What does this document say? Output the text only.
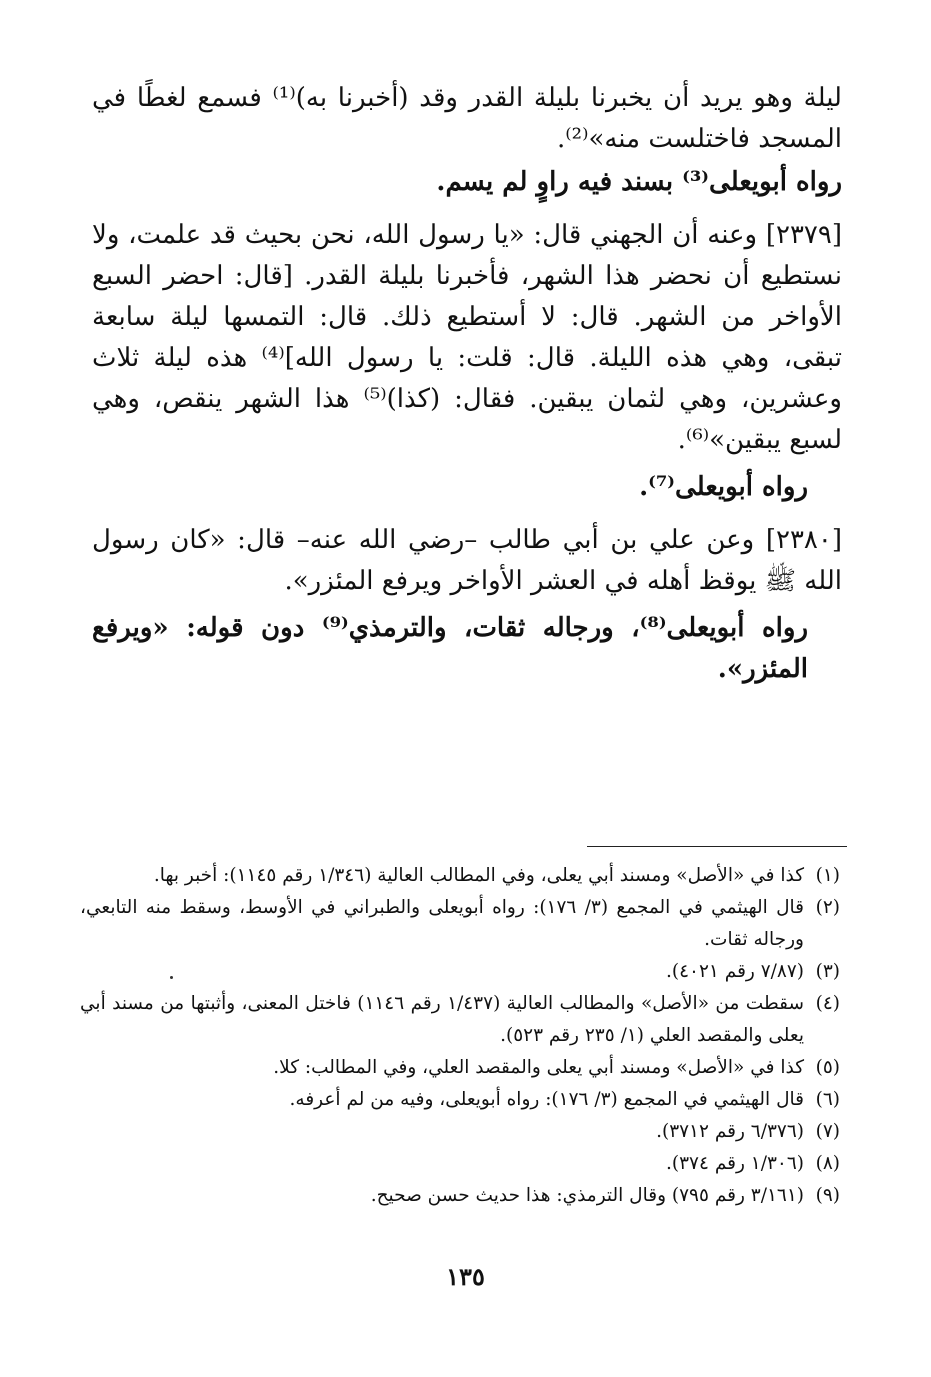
ليلة وهو يريد أن يخبرنا بليلة القدر وقد (أخبرنا به)⁽¹⁾ فسمع لغطًا في المسجد فاختلست منه»⁽²⁾.

رواه أبويعلى⁽³⁾ بسند فيه راوٍ لم يسم.

[٢٣٧٩] وعنه أن الجهني قال: «يا رسول الله، نحن بحيث قد علمت، ولا نستطيع أن نحضر هذا الشهر، فأخبرنا بليلة القدر. [قال: احضر السبع الأواخر من الشهر. قال: لا أستطيع ذلك. قال: التمسها ليلة سابعة تبقى، وهي هذه الليلة. قال: قلت: يا رسول الله]⁽⁴⁾ هذه ليلة ثلاث وعشرين، وهي لثمان يبقين. فقال: (كذا)⁽⁵⁾ هذا الشهر ينقص، وهي لسبع يبقين»⁽⁶⁾.

رواه أبويعلى⁽⁷⁾.

[٢٣٨٠] وعن علي بن أبي طالب –رضي الله عنه– قال: «كان رسول الله ﷺ يوقظ أهله في العشر الأواخر ويرفع المئزر».

رواه أبويعلى⁽⁸⁾، ورجاله ثقات، والترمذي⁽⁹⁾ دون قوله: «ويرفع المئزر».

(١)كذا في «الأصل» ومسند أبي يعلى، وفي المطالب العالية (١/٣٤٦ رقم ١١٤٥): أخبر بها.

(٢)قال الهيثمي في المجمع (٣/ ١٧٦): رواه أبويعلى والطبراني في الأوسط، وسقط منه التابعي، ورجاله ثقات.

(٣)(٧/٨٧ رقم ٤٠٢١).

(٤)سقطت من «الأصل» والمطالب العالية (١/٤٣٧ رقم ١١٤٦) فاختل المعنى، وأثبتها من مسند أبي يعلى والمقصد العلي (١/ ٢٣٥ رقم ٥٢٣).

(٥)كذا في «الأصل» ومسند أبي يعلى والمقصد العلي، وفي المطالب: كلا.

(٦)قال الهيثمي في المجمع (٣/ ١٧٦): رواه أبويعلى، وفيه من لم أعرفه.

(٧)(٦/٣٧٦ رقم ٣٧١٢).

(٨)(١/٣٠٦ رقم ٣٧٤).

(٩)(٣/١٦١ رقم ٧٩٥) وقال الترمذي: هذا حديث حسن صحيح.

١٣٥
